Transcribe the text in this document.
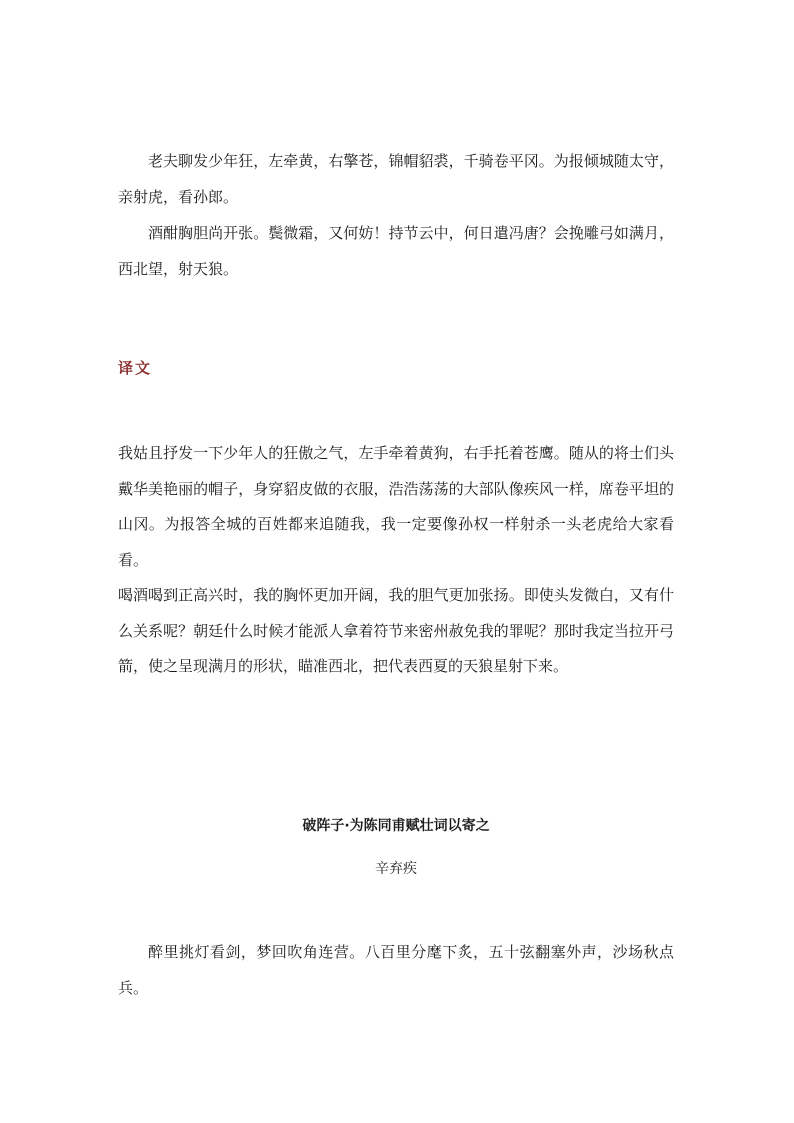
老夫聊发少年狂，左牵黄，右擎苍，锦帽貂裘，千骑卷平冈。为报倾城随太守，亲射虎，看孙郎。

酒酣胸胆尚开张。鬓微霜，又何妨！持节云中，何日遣冯唐？会挽雕弓如满月，西北望，射天狼。

译文

我姑且抒发一下少年人的狂傲之气，左手牵着黄狗，右手托着苍鹰。随从的将士们头戴华美艳丽的帽子，身穿貂皮做的衣服，浩浩荡荡的大部队像疾风一样，席卷平坦的山冈。为报答全城的百姓都来追随我，我一定要像孙权一样射杀一头老虎给大家看看。

喝酒喝到正高兴时，我的胸怀更加开阔，我的胆气更加张扬。即使头发微白，又有什么关系呢？朝廷什么时候才能派人拿着符节来密州赦免我的罪呢？那时我定当拉开弓箭，使之呈现满月的形状，瞄准西北，把代表西夏的天狼星射下来。

破阵子·为陈同甫赋壮词以寄之
辛弃疾

醉里挑灯看剑，梦回吹角连营。八百里分麾下炙，五十弦翻塞外声，沙场秋点兵。
